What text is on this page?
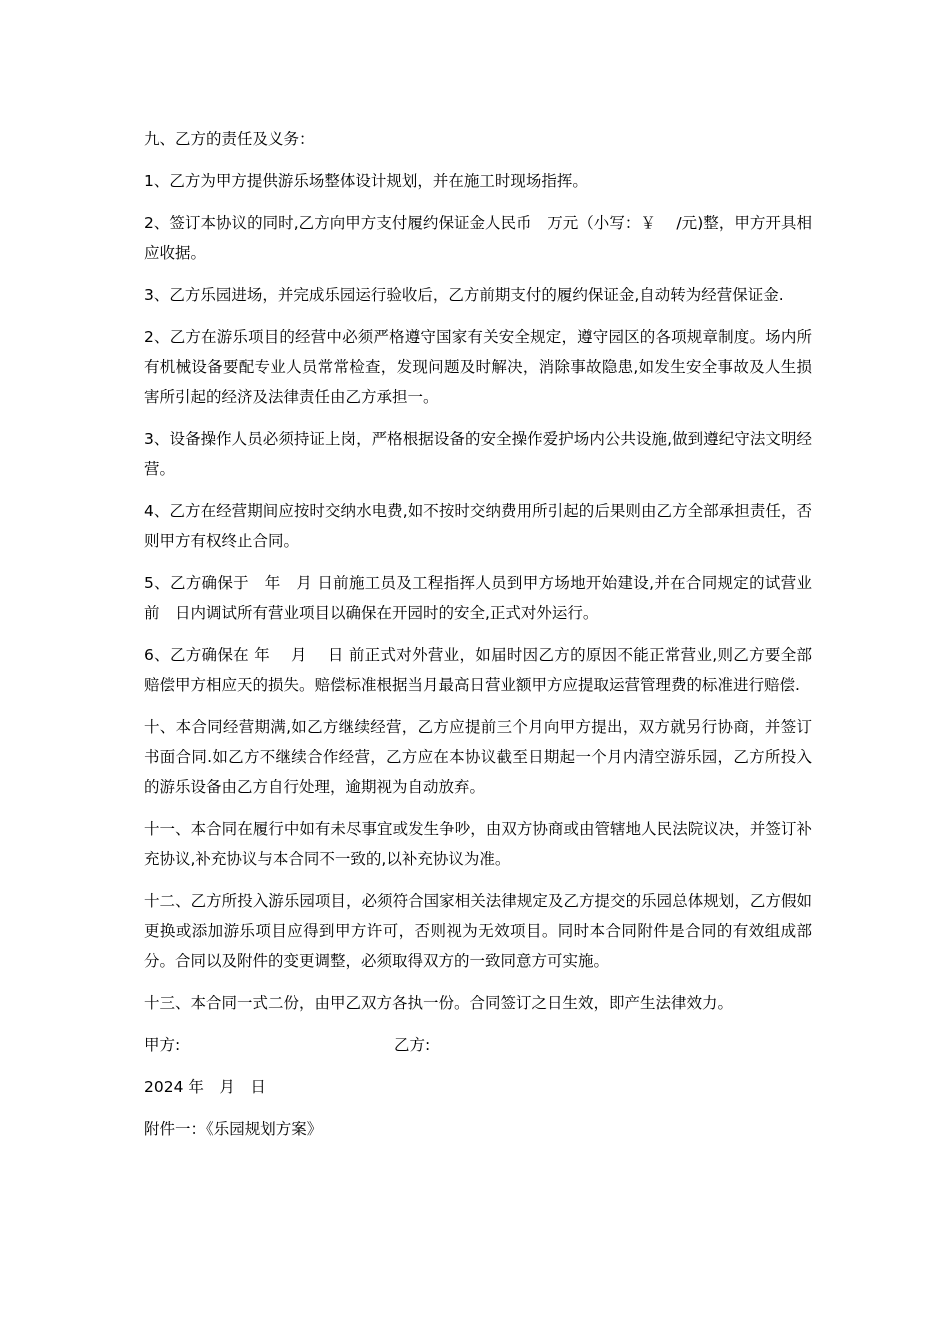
九、乙方的责任及义务：

1、乙方为甲方提供游乐场整体设计规划，并在施工时现场指挥。

2、签订本协议的同时,乙方向甲方支付履约保证金人民币　万元（小写：￥　 /元)整，甲方开具相应收据。

3、乙方乐园进场，并完成乐园运行验收后，乙方前期支付的履约保证金,自动转为经营保证金.

2、乙方在游乐项目的经营中必须严格遵守国家有关安全规定，遵守园区的各项规章制度。场内所有机械设备要配专业人员常常检查，发现问题及时解决，消除事故隐患,如发生安全事故及人生损害所引起的经济及法律责任由乙方承担一。

3、设备操作人员必须持证上岗，严格根据设备的安全操作爱护场内公共设施,做到遵纪守法文明经营。

4、乙方在经营期间应按时交纳水电费,如不按时交纳费用所引起的后果则由乙方全部承担责任，否则甲方有权终止合同。

5、乙方确保于　年　月 日前施工员及工程指挥人员到甲方场地开始建设,并在合同规定的试营业前　日内调试所有营业项目以确保在开园时的安全,正式对外运行。

6、乙方确保在 年　 月　 日 前正式对外营业，如届时因乙方的原因不能正常营业,则乙方要全部赔偿甲方相应天的损失。赔偿标准根据当月最高日营业额甲方应提取运营管理费的标准进行赔偿.

十、本合同经营期满,如乙方继续经营，乙方应提前三个月向甲方提出，双方就另行协商，并签订书面合同.如乙方不继续合作经营，乙方应在本协议截至日期起一个月内清空游乐园，乙方所投入的游乐设备由乙方自行处理，逾期视为自动放弃。

十一、本合同在履行中如有未尽事宜或发生争吵，由双方协商或由管辖地人民法院议决，并签订补充协议,补充协议与本合同不一致的,以补充协议为准。

十二、乙方所投入游乐园项目，必须符合国家相关法律规定及乙方提交的乐园总体规划，乙方假如更换或添加游乐项目应得到甲方许可，否则视为无效项目。同时本合同附件是合同的有效组成部分。合同以及附件的变更调整，必须取得双方的一致同意方可实施。

十三、本合同一式二份，由甲乙双方各执一份。合同签订之日生效，即产生法律效力。

甲方:	乙方:

2024 年　月　日

附件一：《乐园规划方案》
